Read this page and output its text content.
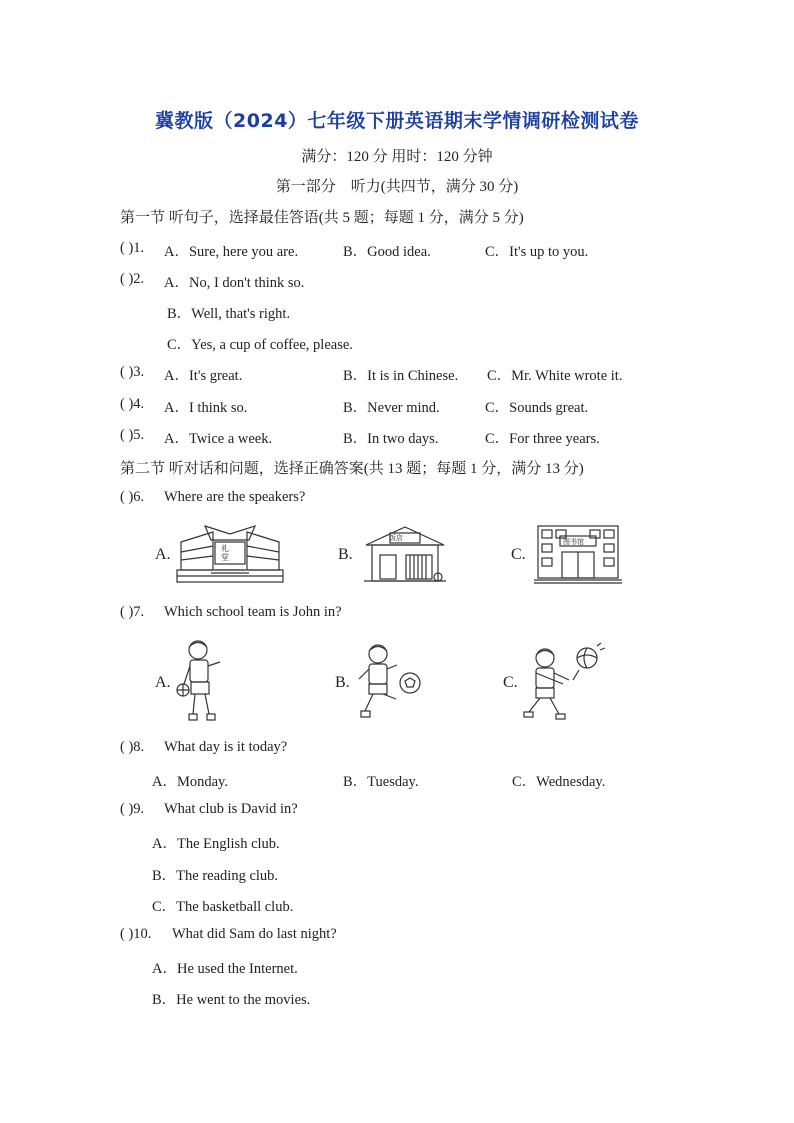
冀教版（2024）七年级下册英语期末学情调研检测试卷
满分：120 分 用时：120 分钟
第一部分　听力(共四节，满分 30 分)
第一节 听句子，选择最佳答语(共 5 题；每题 1 分，满分 5 分)
( )1. A．Sure, here you are.	B．Good idea.	C．It's up to you.
( )2. A．No, I don't think so.
B．Well, that's right.
C．Yes, a cup of coffee, please.
( )3. A．It's great.	B．It is in Chinese. C．Mr. White wrote it.
( )4. A．I think so.	B．Never mind.	C．Sounds great.
( )5. A．Twice a week.	B．In two days.	C．For three years.
第二节 听对话和问题，选择正确答案(共 13 题；每题 1 分，满分 13 分)
( )6. Where are the speakers?
A.	B.	C.
礼堂
饭店	图书馆
( )7. Which school team is John in?
A.	B.	C.
( )8. What day is it today?
A．Monday.	B．Tuesday.	C．Wednesday.
( )9. What club is David in?
A．The English club.
B．The reading club.
C．The basketball club.
( )10. What did Sam do last night?
A．He used the Internet.
B．He went to the movies.
